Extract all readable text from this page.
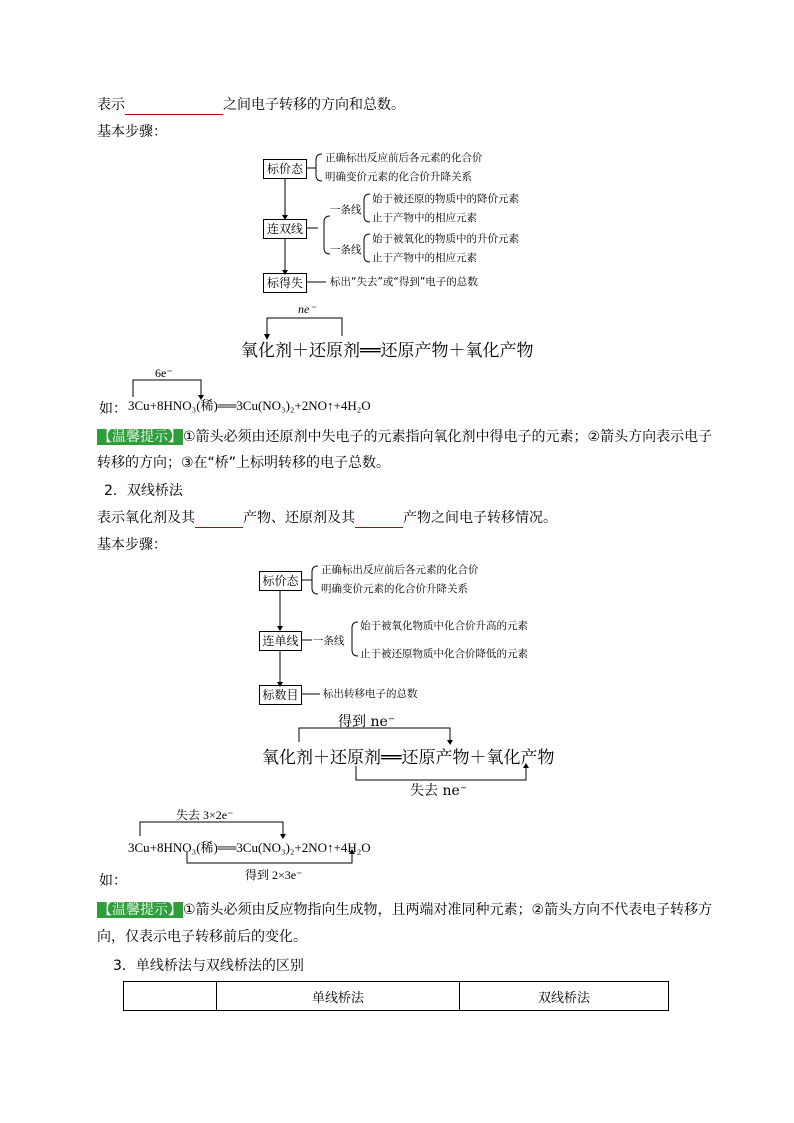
表示	之间电子转移的方向和总数。
基本步骤：
标价态
连双线
标得失
正确标出反应前后各元素的化合价
明确变价元素的化合价升降关系
一条线
始于被还原的物质中的降价元素
止于产物中的相应元素
一条线
始于被氧化的物质中的升价元素
止于产物中的相应元素
标出“失去”或“得到”电子的总数
ne⁻
氧化剂＋还原剂══还原产物＋氧化产物
6e⁻
如： 3Cu+8HNO₃(稀)══3Cu(NO₃)₂+2NO↑+4H₂O
【温馨提示】①箭头必须由还原剂中失电子的元素指向氧化剂中得电子的元素；②箭头方向表示电子
转移的方向；③在“桥”上标明转移的电子总数。
2．双线桥法
表示氧化剂及其	产物、还原剂及其	产物之间电子转移情况。
基本步骤：
标价态
连单线
标数目
正确标出反应前后各元素的化合价
明确变价元素的化合价升降关系
一条线
始于被氧化物质中化合价升高的元素
止于被还原物质中化合价降低的元素
标出转移电子的总数
得到 ne⁻
氧化剂＋还原剂══还原产物＋氧化产物
失去 ne⁻
失去 3×2e⁻
3Cu+8HNO₃(稀)══3Cu(NO₃)₂+2NO↑+4H₂O
如：	得到 2×3e⁻
【温馨提示】①箭头必须由反应物指向生成物，且两端对准同种元素；②箭头方向不代表电子转移方
向，仅表示电子转移前后的变化。
3．单线桥法与双线桥法的区别
	单线桥法	双线桥法
